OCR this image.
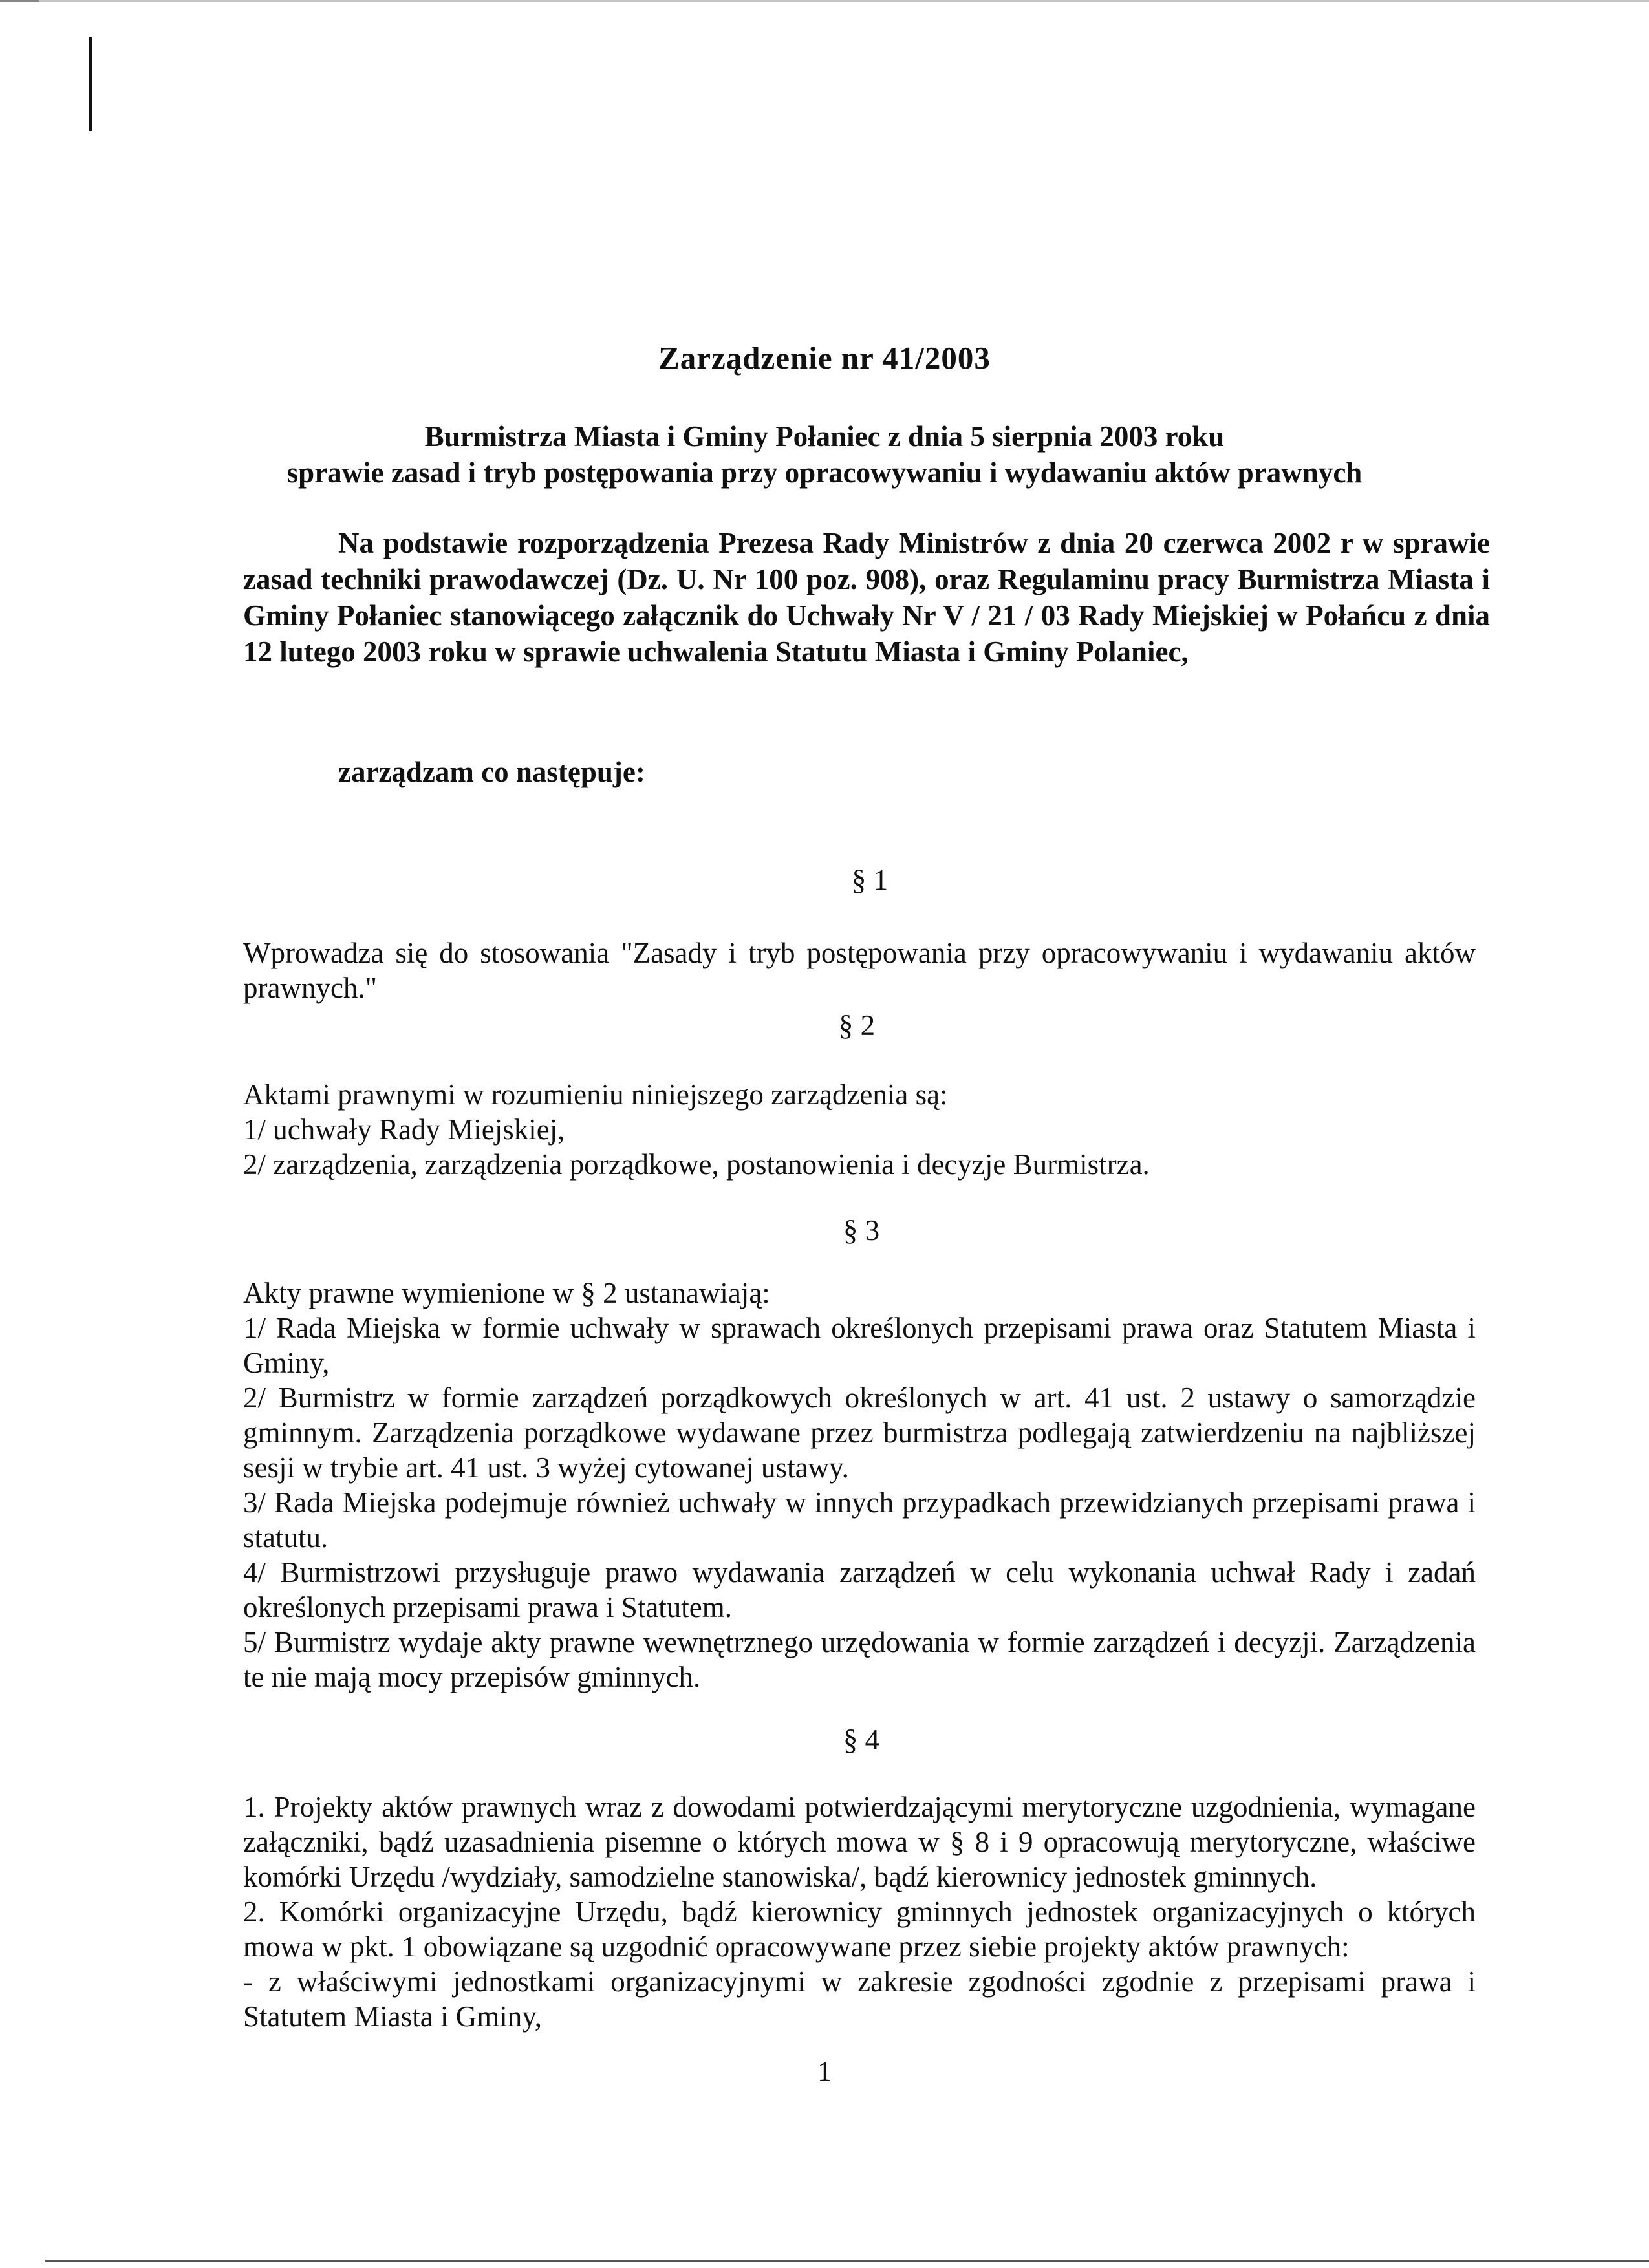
Zarządzenie nr 41/2003
Burmistrza Miasta i Gminy Połaniec z dnia 5 sierpnia 2003 roku
sprawie zasad i tryb postępowania przy opracowywaniu i wydawaniu aktów prawnych

Na podstawie rozporządzenia Prezesa Rady Ministrów z dnia 20 czerwca 2002 r w sprawie zasad techniki prawodawczej (Dz. U. Nr 100 poz. 908), oraz Regulaminu pracy Burmistrza Miasta i Gminy Połaniec stanowiącego załącznik do Uchwały Nr V / 21 / 03 Rady Miejskiej w Połańcu z dnia 12 lutego 2003 roku w sprawie uchwalenia Statutu Miasta i Gminy Polaniec,

zarządzam co następuje:
§ 1

Wprowadza się do stosowania "Zasady i tryb postępowania przy opracowywaniu i wydawaniu aktów prawnych."

§ 2

Aktami prawnymi w rozumieniu niniejszego zarządzenia są:

1/ uchwały Rady Miejskiej,

2/ zarządzenia, zarządzenia porządkowe, postanowienia i decyzje Burmistrza.

§ 3

Akty prawne wymienione w § 2 ustanawiają:

1/ Rada Miejska w formie uchwały w sprawach określonych przepisami prawa oraz Statutem Miasta i Gminy,

2/ Burmistrz w formie zarządzeń porządkowych określonych w art. 41 ust. 2 ustawy o samorządzie gminnym. Zarządzenia porządkowe wydawane przez burmistrza podlegają zatwierdzeniu na najbliższej sesji w trybie art. 41 ust. 3 wyżej cytowanej ustawy.

3/ Rada Miejska podejmuje również uchwały w innych przypadkach przewidzianych przepisami prawa i statutu.

4/ Burmistrzowi przysługuje prawo wydawania zarządzeń w celu wykonania uchwał Rady i zadań określonych przepisami prawa i Statutem.

5/ Burmistrz wydaje akty prawne wewnętrznego urzędowania w formie zarządzeń i decyzji. Zarządzenia te nie mają mocy przepisów gminnych.

§ 4

1. Projekty aktów prawnych wraz z dowodami potwierdzającymi merytoryczne uzgodnienia, wymagane załączniki, bądź uzasadnienia pisemne o których mowa w § 8 i 9 opracowują merytoryczne, właściwe komórki Urzędu /wydziały, samodzielne stanowiska/, bądź kierownicy jednostek gminnych.

2. Komórki organizacyjne Urzędu, bądź kierownicy gminnych jednostek organizacyjnych o których mowa w pkt. 1 obowiązane są uzgodnić opracowywane przez siebie projekty aktów prawnych:

- z właściwymi jednostkami organizacyjnymi w zakresie zgodności zgodnie z przepisami prawa i Statutem Miasta i Gminy,

1
